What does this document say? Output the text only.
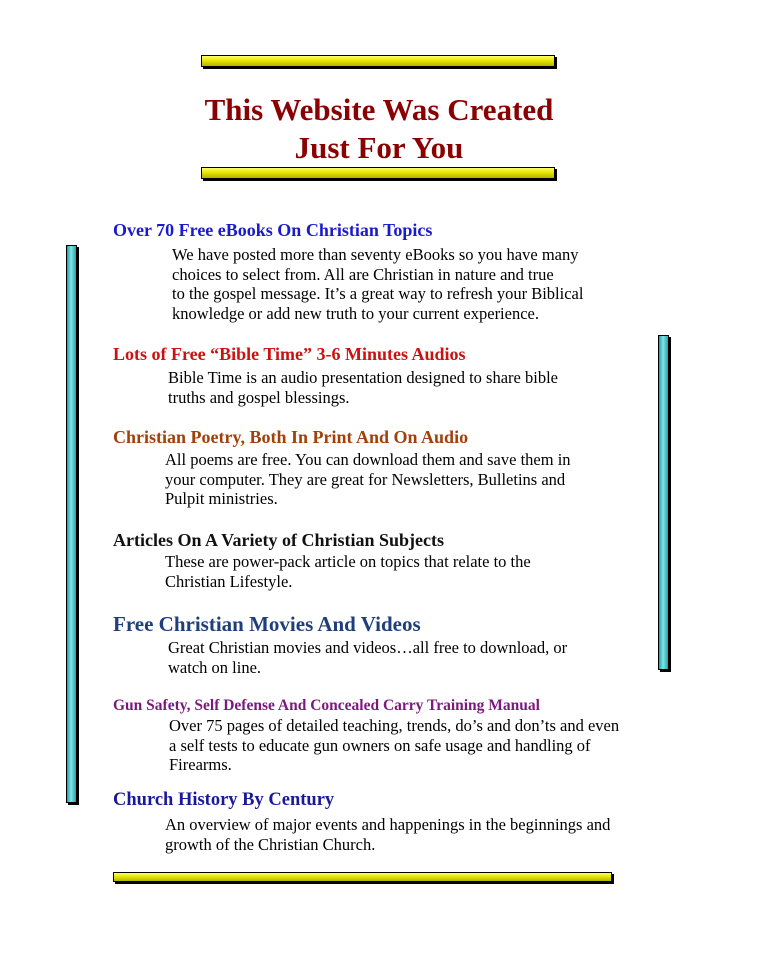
This Website Was Created
Just For You
Over 70 Free eBooks On Christian Topics

We have posted more than seventy eBooks so you have many
choices to select from. All are Christian in nature and true
to the gospel message. It’s a great way to refresh your Biblical
knowledge or add new truth to your current experience.

Lots of Free “Bible Time” 3-6 Minutes Audios

Bible Time is an audio presentation designed to share bible
truths and gospel blessings.

Christian Poetry, Both In Print And On Audio

All poems are free. You can download them and save them in
your computer. They are great for Newsletters, Bulletins and
Pulpit ministries.

Articles On A Variety of Christian Subjects

These are power-pack article on topics that relate to the
Christian Lifestyle.

Free Christian Movies And Videos

Great Christian movies and videos…all free to download, or
watch on line.

Gun Safety, Self Defense And Concealed Carry Training Manual

Over 75 pages of detailed teaching, trends, do’s and don’ts and even
a self tests to educate gun owners on safe usage and handling of
Firearms.

Church History By Century

An overview of major events and happenings in the beginnings and
growth of the Christian Church.
